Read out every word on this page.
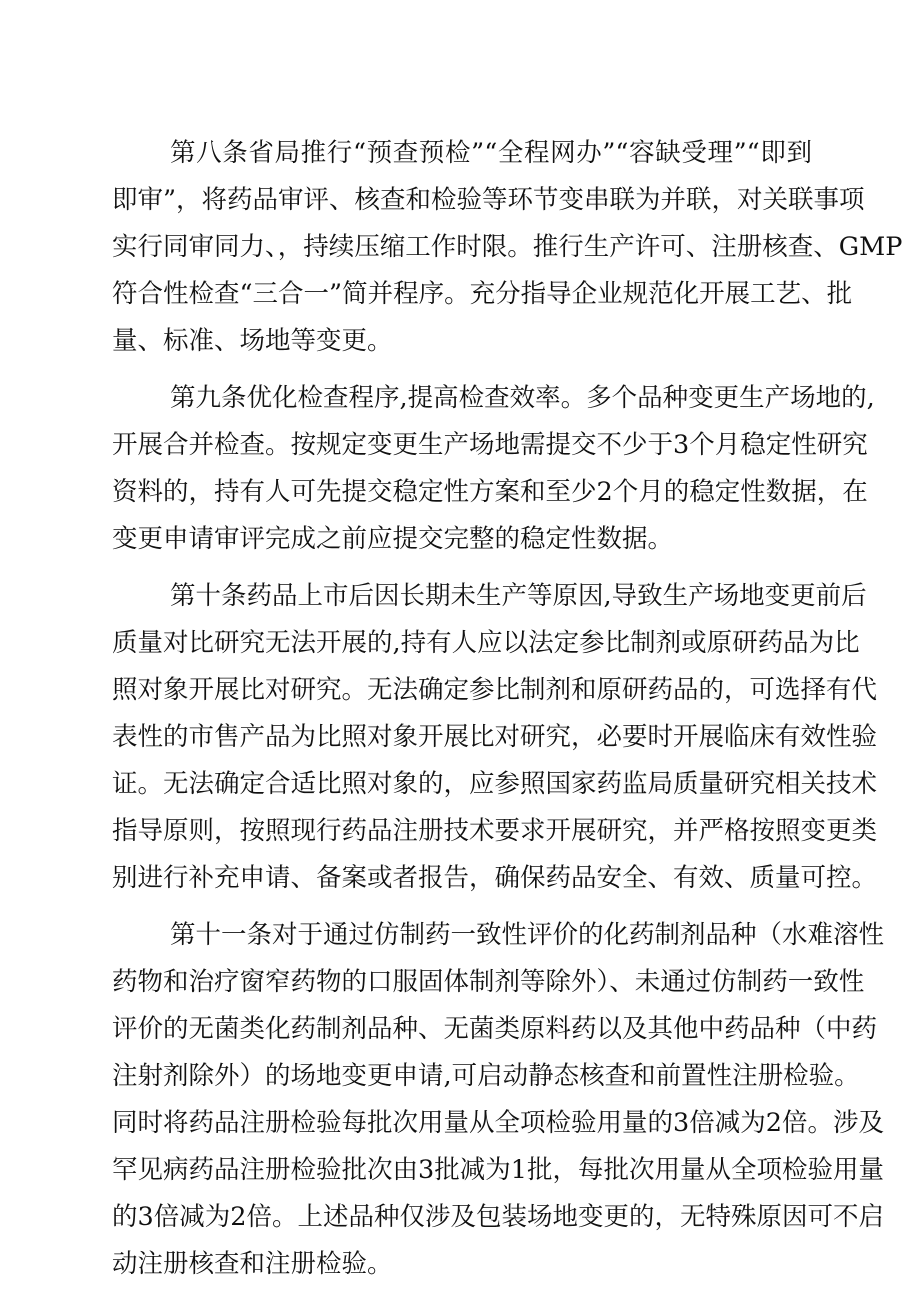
第八条省局推行“预查预检”“全程网办”“容缺受理”“即到
即审”，将药品审评、核查和检验等环节变串联为并联，对关联事项
实行同审同力、，持续压缩工作时限。推行生产许可、注册核查、GMP
符合性检查“三合一”简并程序。充分指导企业规范化开展工艺、批
量、标准、场地等变更。
第九条优化检查程序,提高检查效率。多个品种变更生产场地的,
开展合并检查。按规定变更生产场地需提交不少于3个月稳定性研究
资料的，持有人可先提交稳定性方案和至少2个月的稳定性数据，在
变更申请审评完成之前应提交完整的稳定性数据。
第十条药品上市后因长期未生产等原因,导致生产场地变更前后
质量对比研究无法开展的,持有人应以法定参比制剂或原研药品为比
照对象开展比对研究。无法确定参比制剂和原研药品的，可选择有代
表性的市售产品为比照对象开展比对研究，必要时开展临床有效性验
证。无法确定合适比照对象的，应参照国家药监局质量研究相关技术
指导原则，按照现行药品注册技术要求开展研究，并严格按照变更类
别进行补充申请、备案或者报告，确保药品安全、有效、质量可控。
第十一条对于通过仿制药一致性评价的化药制剂品种（水难溶性
药物和治疗窗窄药物的口服固体制剂等除外）、未通过仿制药一致性
评价的无菌类化药制剂品种、无菌类原料药以及其他中药品种（中药
注射剂除外）的场地变更申请,可启动静态核查和前置性注册检验。
同时将药品注册检验每批次用量从全项检验用量的3倍减为2倍。涉及
罕见病药品注册检验批次由3批减为1批，每批次用量从全项检验用量
的3倍减为2倍。上述品种仅涉及包装场地变更的，无特殊原因可不启
动注册核查和注册检验。
